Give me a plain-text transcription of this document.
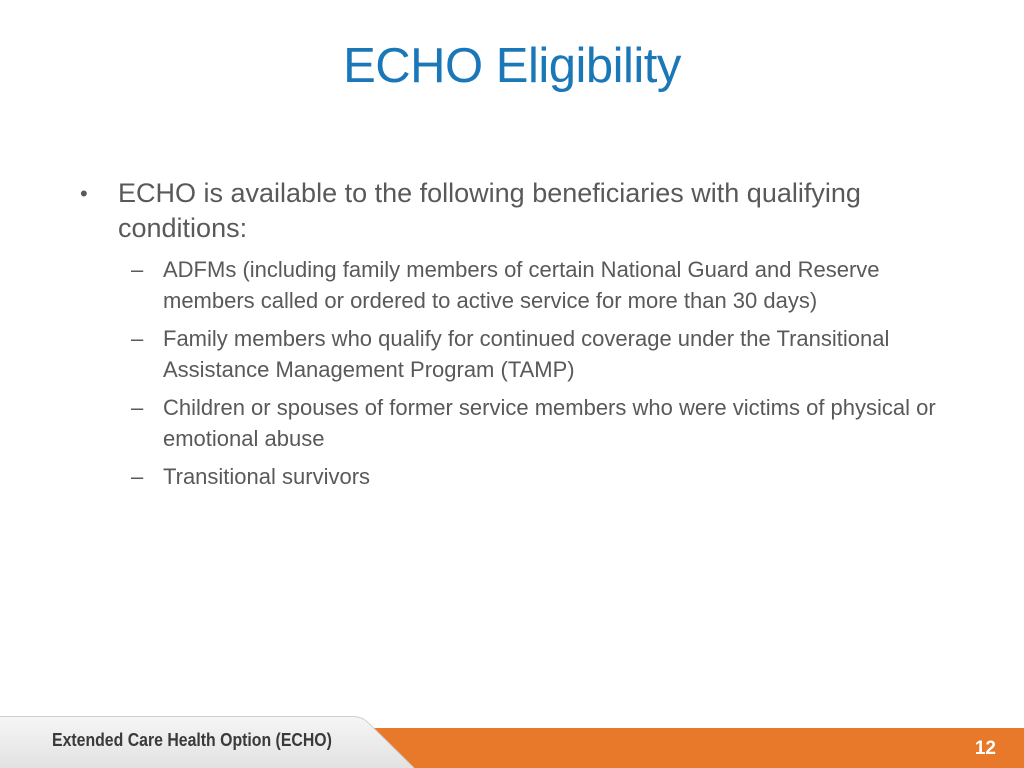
ECHO Eligibility
• ECHO is available to the following beneficiaries with qualifying conditions:
– ADFMs (including family members of certain National Guard and Reserve members called or ordered to active service for more than 30 days)
– Family members who qualify for continued coverage under the Transitional Assistance Management Program (TAMP)
– Children or spouses of former service members who were victims of physical or emotional abuse
– Transitional survivors
Extended Care Health Option (ECHO)	12
